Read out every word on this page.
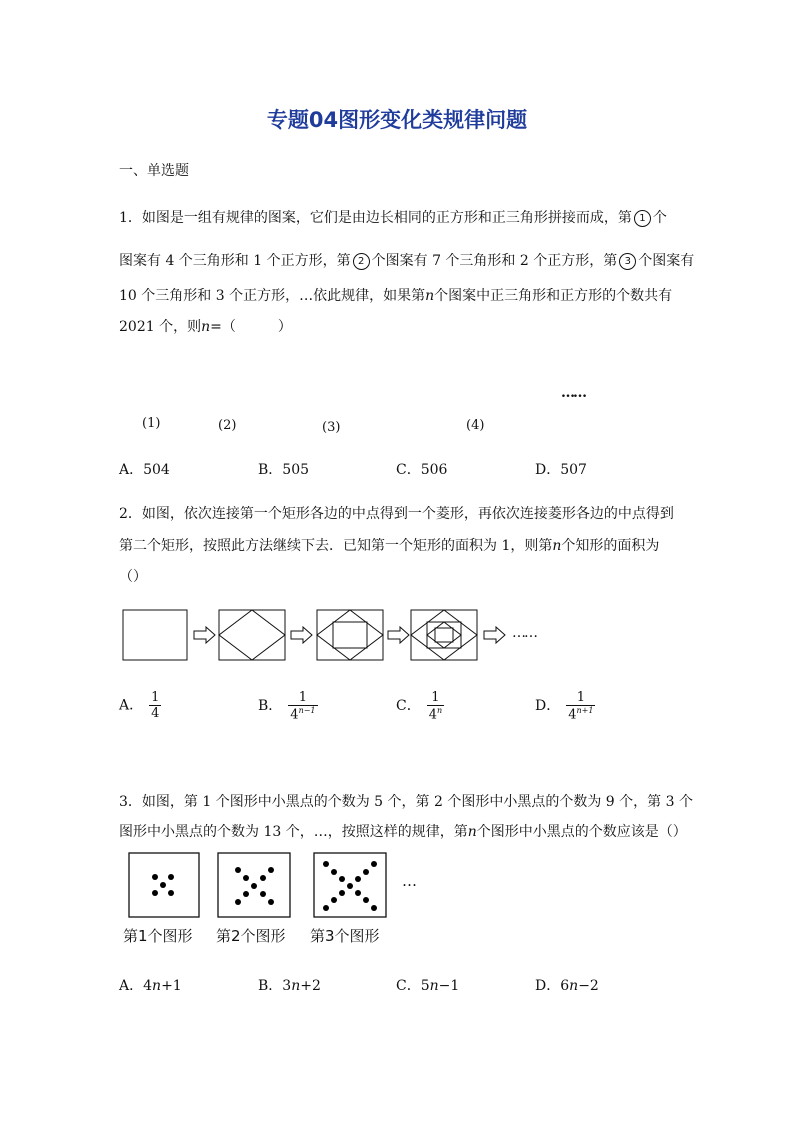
专题04图形变化类规律问题
一、单选题
1．如图是一组有规律的图案，它们是由边长相同的正方形和正三角形拼接而成，第 1 个
图案有 4 个三角形和 1 个正方形，第 2 个图案有 7 个三角形和 2 个正方形，第 3 个图案有
10 个三角形和 3 个正方形，…依此规律，如果第n个图案中正三角形和正方形的个数共有
2021 个，则n=（　　　）
(1)	(2)	(3)	(4)
……
A．504	B．505	C．506	D．507
2．如图，依次连接第一个矩形各边的中点得到一个菱形，再依次连接菱形各边的中点得到
第二个矩形，按照此方法继续下去．已知第一个矩形的面积为 1，则第n个知形的面积为
（）
……
A． $\frac{1}{4}$	B． $\frac{1}{4^{n-1}}$	C． $\frac{1}{4^n}$	D． $\frac{1}{4^{n+1}}$
3．如图，第 1 个图形中小黑点的个数为 5 个，第 2 个图形中小黑点的个数为 9 个，第 3 个
图形中小黑点的个数为 13 个，…，按照这样的规律，第n个图形中小黑点的个数应该是（）
…
第1个图形 第2个图形 第3个图形
A．4n+1	B．3n+2	C．5n−1	D．6n−2
